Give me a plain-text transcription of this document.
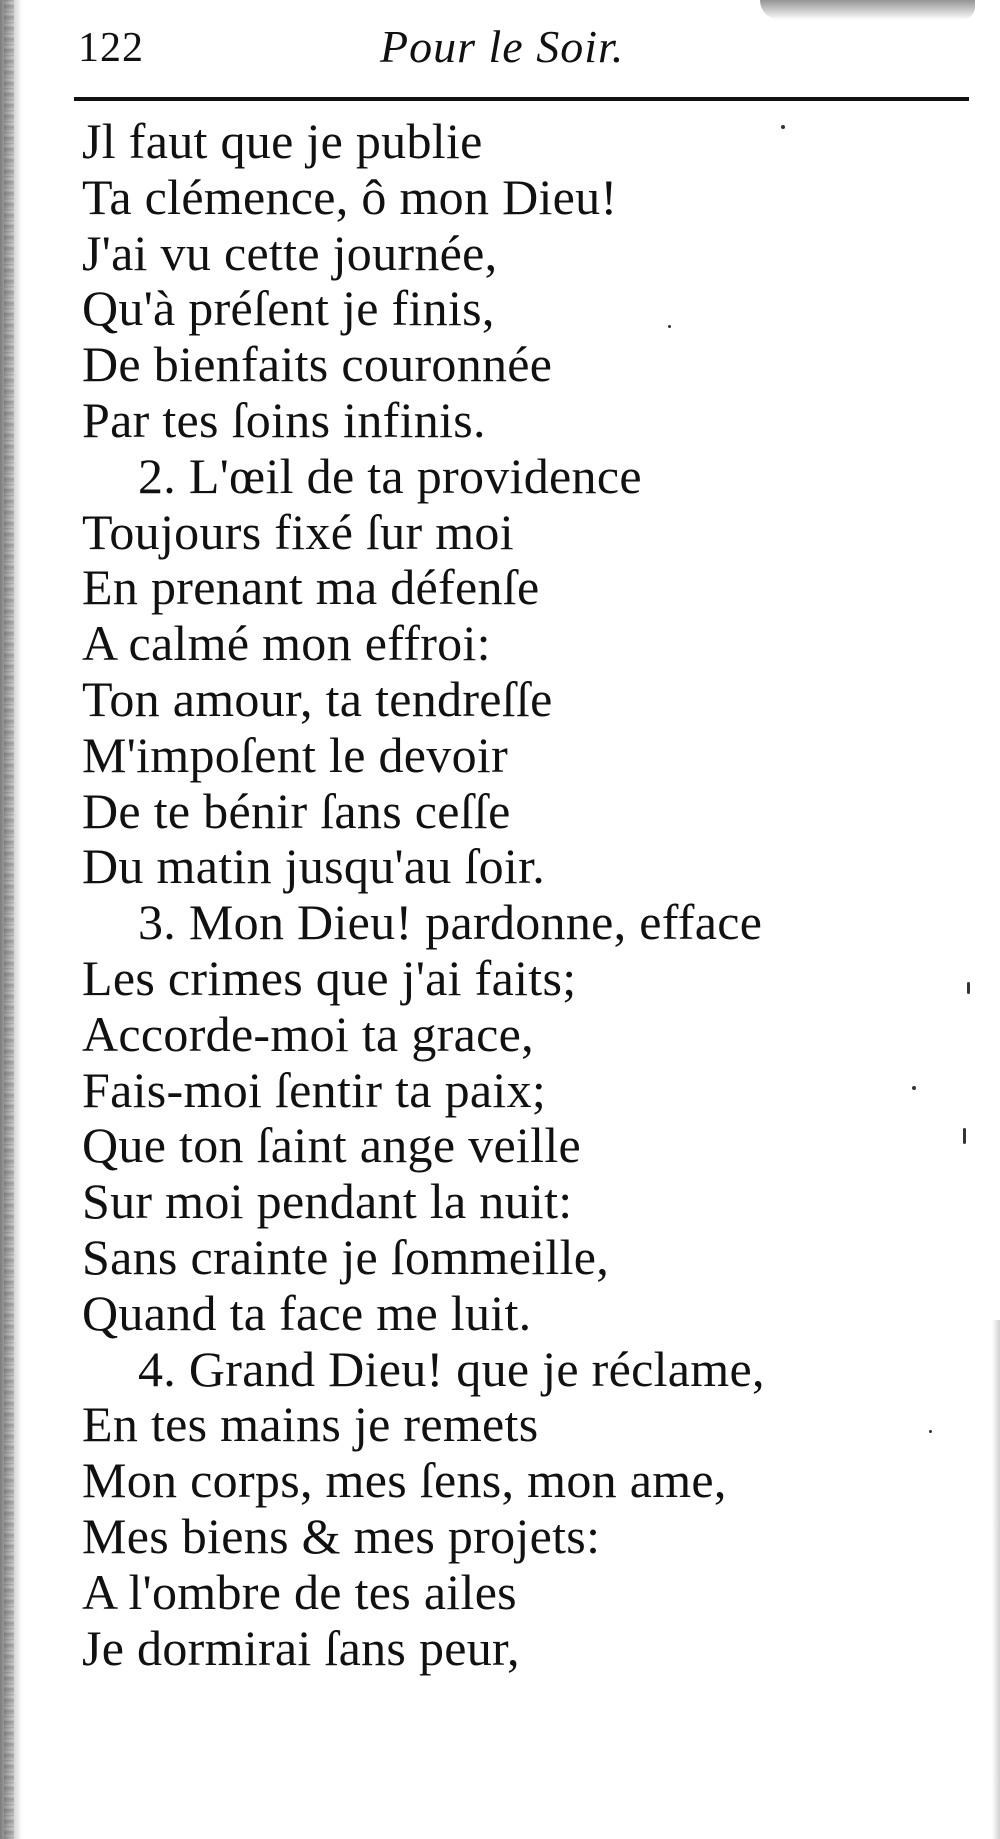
122	Pour le Soir.
Jl faut que je publie
Ta clémence, ô mon Dieu!
J'ai vu cette journée,
Qu'à préſent je finis,
De bienfaits couronnée
Par tes ſoins infinis.
2. L'œil de ta providence
Toujours fixé ſur moi
En prenant ma défenſe
A calmé mon effroi:
Ton amour, ta tendreſſe
M'impoſent le devoir
De te bénir ſans ceſſe
Du matin jusqu'au ſoir.
3. Mon Dieu! pardonne, efface
Les crimes que j'ai faits;
Accorde-moi ta grace,
Fais-moi ſentir ta paix;
Que ton ſaint ange veille
Sur moi pendant la nuit:
Sans crainte je ſommeille,
Quand ta face me luit.
4. Grand Dieu! que je réclame,
En tes mains je remets
Mon corps, mes ſens, mon ame,
Mes biens & mes projets:
A l'ombre de tes ailes
Je dormirai ſans peur,
